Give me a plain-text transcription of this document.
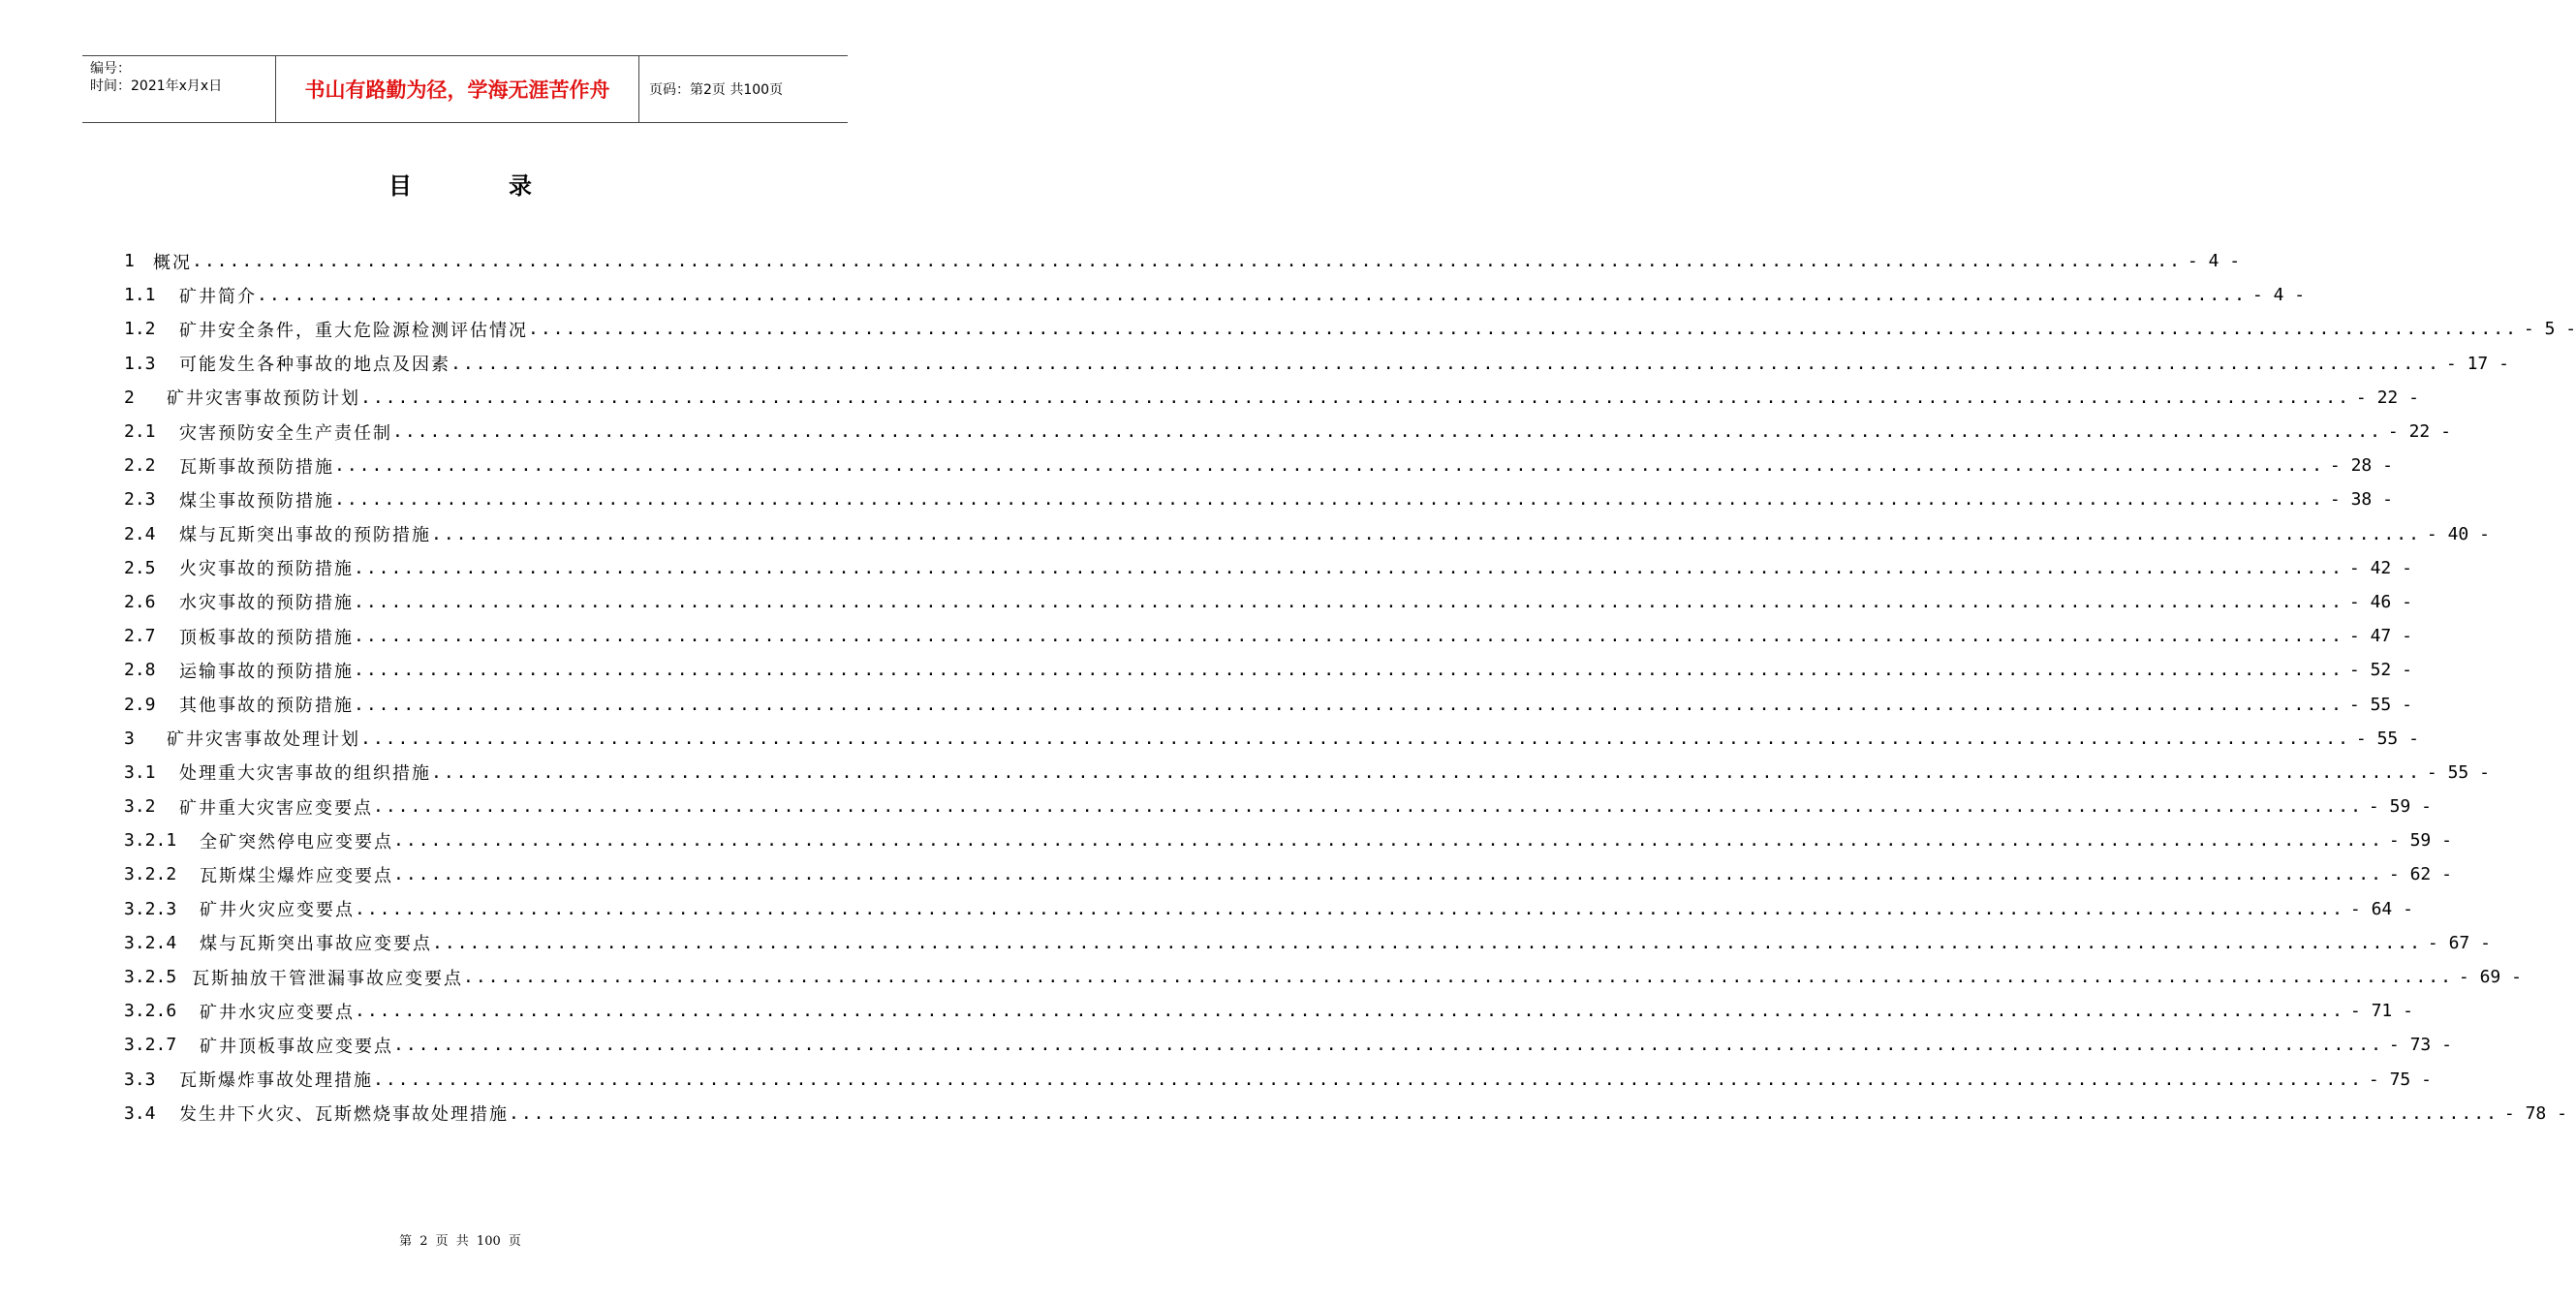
编号：
时间：2021年x月x日	书山有路勤为径，学海无涯苦作舟	页码：第2页 共100页
目录
1	概况 ................................................................................................................................................................ - 4 -
1.1	矿井简介 ................................................................................................................................................................ - 4 -
1.2	矿井安全条件，重大危险源检测评估情况 ................................................................................................................................................................ - 5 -
1.3	可能发生各种事故的地点及因素 ................................................................................................................................................................ - 17 -
2	矿井灾害事故预防计划 ................................................................................................................................................................ - 22 -
2.1	灾害预防安全生产责任制 ................................................................................................................................................................ - 22 -
2.2	瓦斯事故预防措施 ................................................................................................................................................................ - 28 -
2.3	煤尘事故预防措施 ................................................................................................................................................................ - 38 -
2.4	煤与瓦斯突出事故的预防措施 ................................................................................................................................................................ - 40 -
2.5	火灾事故的预防措施 ................................................................................................................................................................ - 42 -
2.6	水灾事故的预防措施 ................................................................................................................................................................ - 46 -
2.7	顶板事故的预防措施 ................................................................................................................................................................ - 47 -
2.8	运输事故的预防措施 ................................................................................................................................................................ - 52 -
2.9	其他事故的预防措施 ................................................................................................................................................................ - 55 -
3	矿井灾害事故处理计划 ................................................................................................................................................................ - 55 -
3.1	处理重大灾害事故的组织措施 ................................................................................................................................................................ - 55 -
3.2	矿井重大灾害应变要点 ................................................................................................................................................................ - 59 -
3.2.1	全矿突然停电应变要点 ................................................................................................................................................................ - 59 -
3.2.2	瓦斯煤尘爆炸应变要点 ................................................................................................................................................................ - 62 -
3.2.3	矿井火灾应变要点 ................................................................................................................................................................ - 64 -
3.2.4	煤与瓦斯突出事故应变要点 ................................................................................................................................................................ - 67 -
3.2.5 瓦斯抽放干管泄漏事故应变要点 ................................................................................................................................................................ - 69 -
3.2.6	矿井水灾应变要点 ................................................................................................................................................................ - 71 -
3.2.7	矿井顶板事故应变要点 ................................................................................................................................................................ - 73 -
3.3	瓦斯爆炸事故处理措施 ................................................................................................................................................................ - 75 -
3.4	发生井下火灾、瓦斯燃烧事故处理措施 ................................................................................................................................................................ - 78 -
第 2 页 共 100 页
